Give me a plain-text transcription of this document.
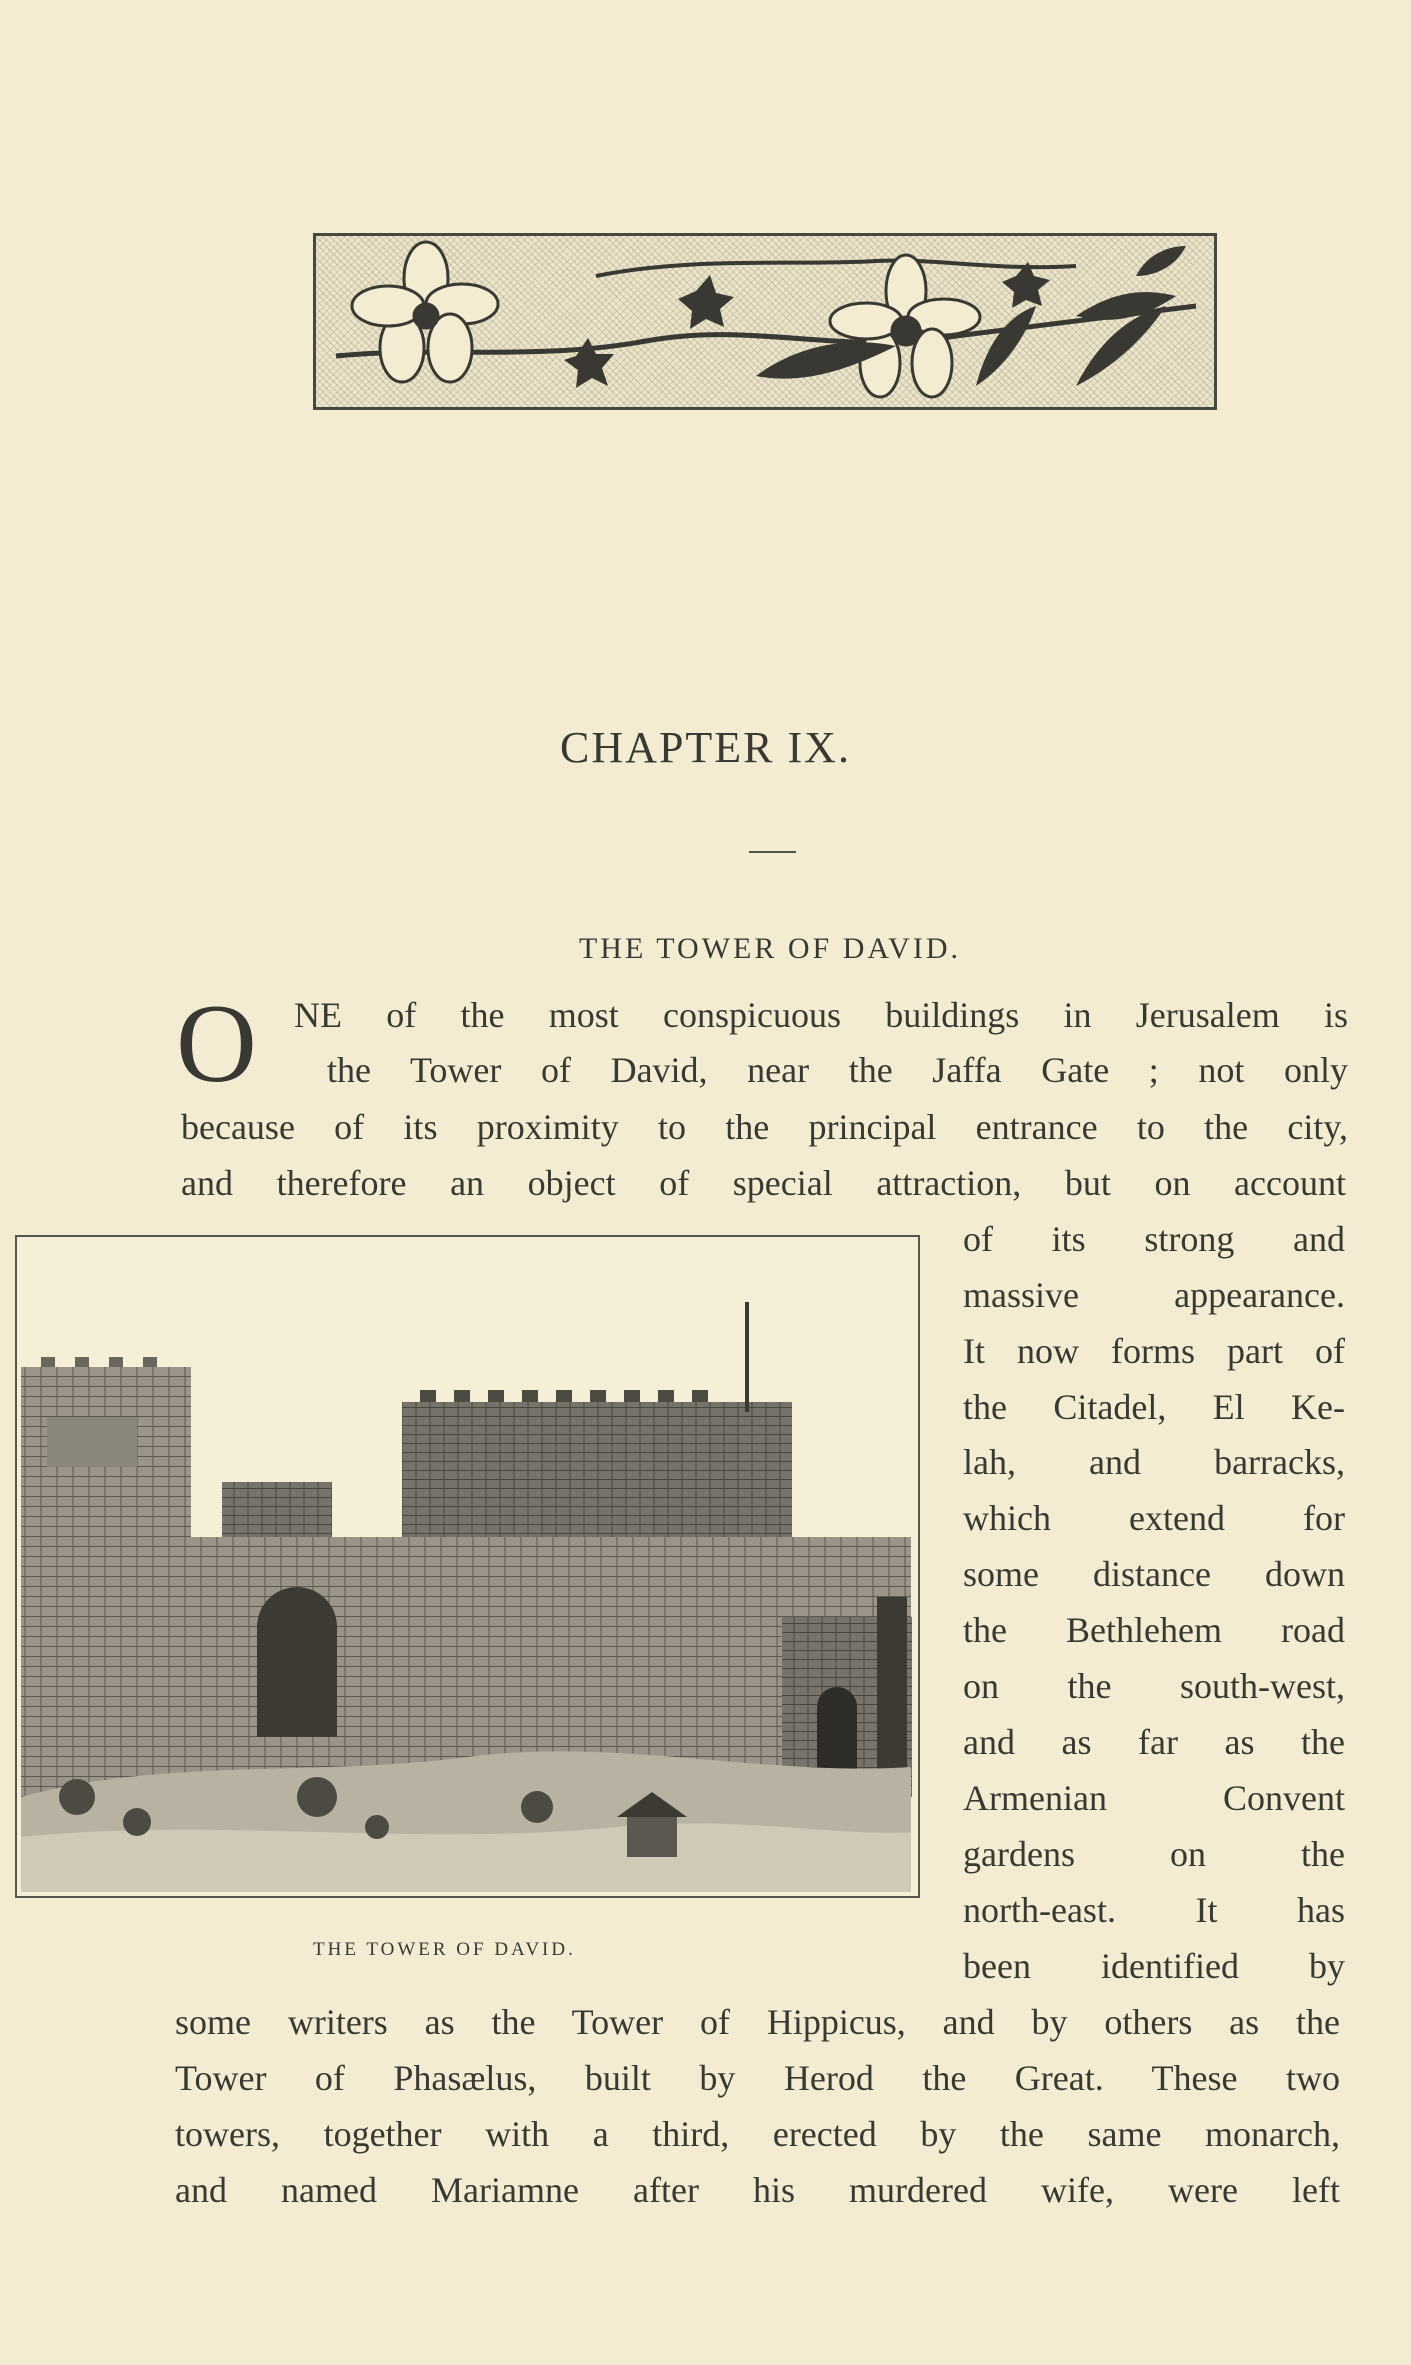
CHAPTER IX.
THE TOWER OF DAVID.
O NE of the most conspicuous buildings in Jerusalem is
the Tower of David, near the Jaffa Gate ; not only
because of its proximity to the principal entrance to the city,
and therefore an object of special attraction, but on account
of its strong and
massive appearance.
It now forms part of
the Citadel, El Ke-
lah, and barracks,
which extend for
some distance down
the Bethlehem road
on the south-west,
and as far as the
Armenian Convent
gardens on the
north-east. It has
been identified by
some writers as the Tower of Hippicus, and by others as the
Tower of Phasælus, built by Herod the Great. These two
towers, together with a third, erected by the same monarch,
and named Mariamne after his murdered wife, were left
THE TOWER OF DAVID.
